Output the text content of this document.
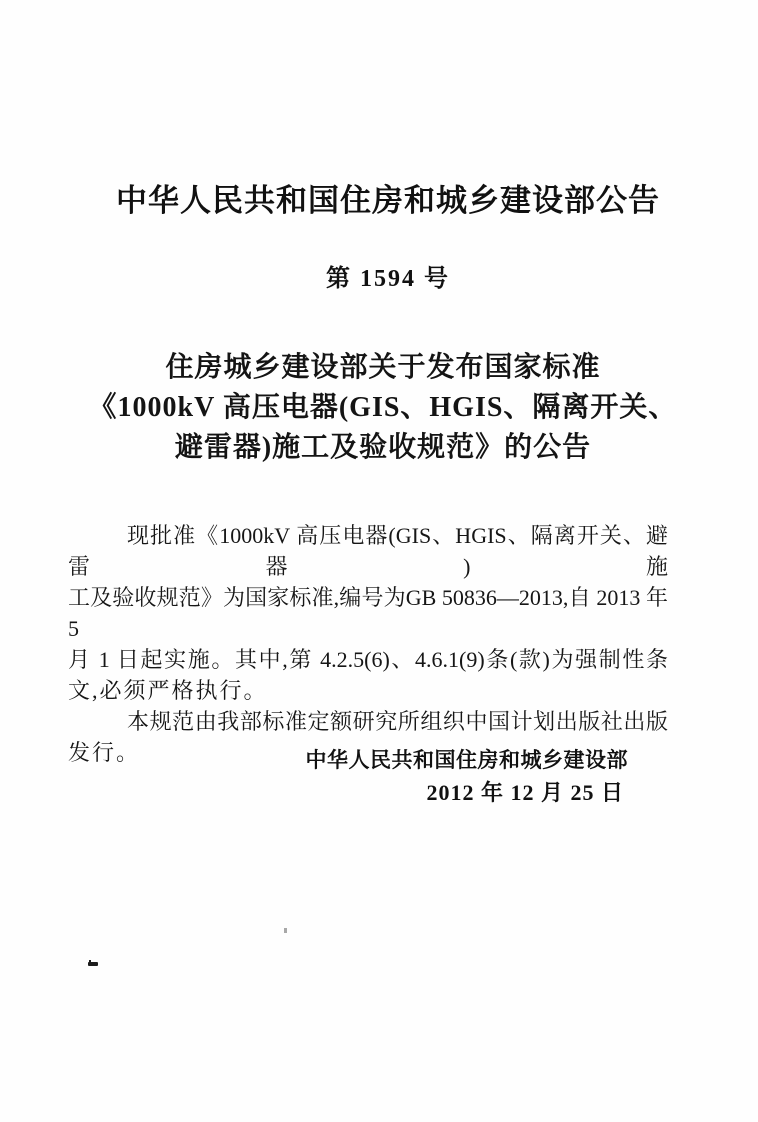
中华人民共和国住房和城乡建设部公告
第 1594 号
住房城乡建设部关于发布国家标准
《1000kV 高压电器(GIS、HGIS、隔离开关、
避雷器)施工及验收规范》的公告
现批准《1000kV 高压电器(GIS、HGIS、隔离开关、避雷器)施
工及验收规范》为国家标准,编号为GB 50836—2013,自 2013 年 5
月 1 日起实施。其中,第 4.2.5(6)、4.6.1(9)条(款)为强制性条
文,必须严格执行。
本规范由我部标准定额研究所组织中国计划出版社出版
发行。	中华人民共和国住房和城乡建设部
2012 年 12 月 25 日
